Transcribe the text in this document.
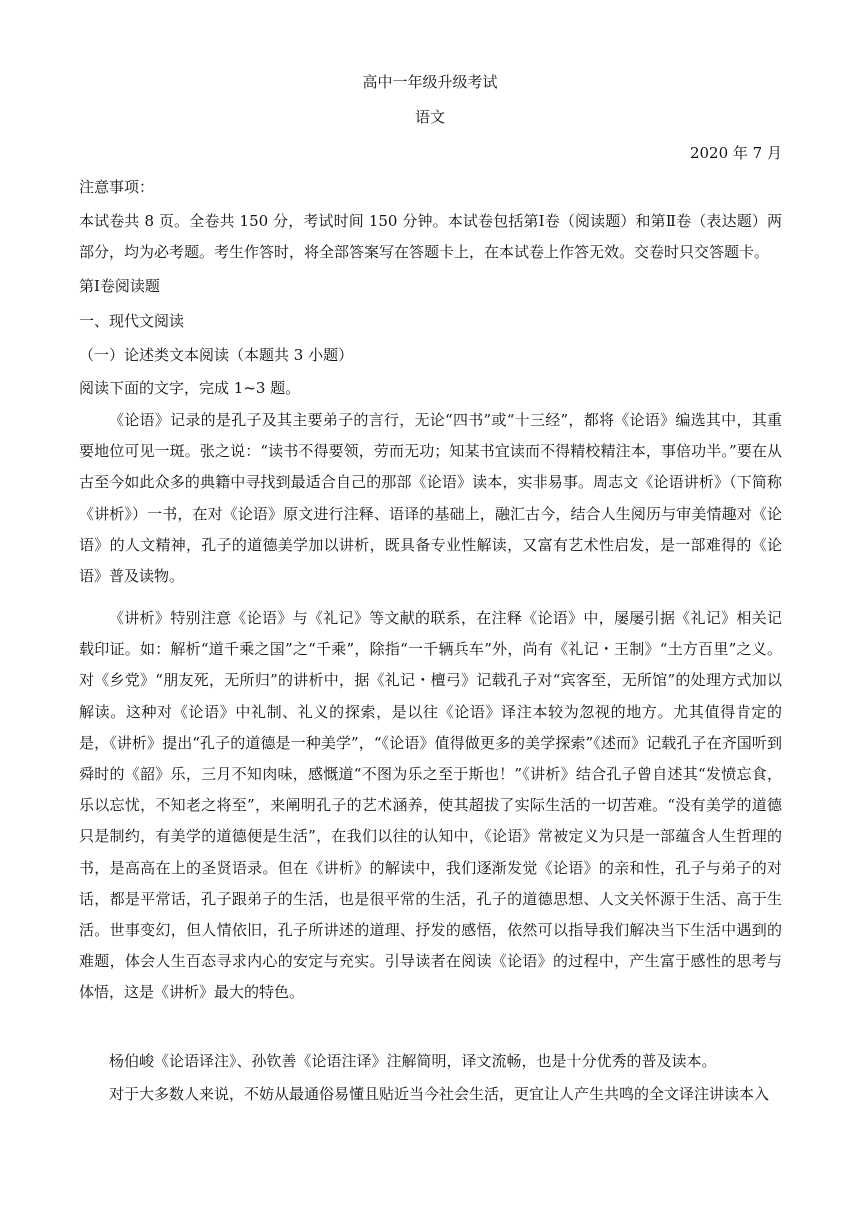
高中一年级升级考试
语文
2020 年 7 月
注意事项：
本试卷共 8 页。全卷共 150 分，考试时间 150 分钟。本试卷包括第Ⅰ卷（阅读题）和第Ⅱ卷（表达题）两部分，均为必考题。考生作答时，将全部答案写在答题卡上，在本试卷上作答无效。交卷时只交答题卡。
第Ⅰ卷阅读题
一、现代文阅读
（一）论述类文本阅读（本题共 3 小题）
阅读下面的文字，完成 1~3 题。
《论语》记录的是孔子及其主要弟子的言行，无论“四书”或“十三经”，都将《论语》编选其中，其重要地位可见一斑。张之说：“读书不得要领，劳而无功；知某书宜读而不得精校精注本，事倍功半。”要在从古至今如此众多的典籍中寻找到最适合自己的那部《论语》读本，实非易事。周志文《论语讲析》（下简称《讲析》）一书，在对《论语》原文进行注释、语译的基础上，融汇古今，结合人生阅历与审美情趣对《论语》的人文精神，孔子的道德美学加以讲析，既具备专业性解读，又富有艺术性启发，是一部难得的《论语》普及读物。
《讲析》特别注意《论语》与《礼记》等文献的联系，在注释《论语》中，屡屡引据《礼记》相关记载印证。如：解析“道千乘之国”之“千乘”，除指“一千辆兵车”外，尚有《礼记・王制》“土方百里”之义。对《乡党》“朋友死，无所归”的讲析中，据《礼记・檀弓》记载孔子对“宾客至，无所馆”的处理方式加以解读。这种对《论语》中礼制、礼义的探索，是以往《论语》译注本较为忽视的地方。尤其值得肯定的是，《讲析》提出“孔子的道德是一种美学”，“《论语》值得做更多的美学探索”《述而》记载孔子在齐国听到舜时的《韶》乐，三月不知肉味，感慨道“不图为乐之至于斯也！”《讲析》结合孔子曾自述其“发愤忘食，乐以忘忧，不知老之将至”，来阐明孔子的艺术涵养，使其超拔了实际生活的一切苦难。“没有美学的道德只是制约，有美学的道德便是生活”，在我们以往的认知中，《论语》常被定义为只是一部蕴含人生哲理的书，是高高在上的圣贤语录。但在《讲析》的解读中，我们逐渐发觉《论语》的亲和性，孔子与弟子的对话，都是平常话，孔子跟弟子的生活，也是很平常的生活，孔子的道德思想、人文关怀源于生活、高于生活。世事变幻，但人情依旧，孔子所讲述的道理、抒发的感悟，依然可以指导我们解决当下生活中遇到的难题，体会人生百态寻求内心的安定与充实。引导读者在阅读《论语》的过程中，产生富于感性的思考与体悟，这是《讲析》最大的特色。
杨伯峻《论语译注》、孙钦善《论语注译》注解简明，译文流畅，也是十分优秀的普及读本。
对于大多数人来说，不妨从最通俗易懂且贴近当今社会生活，更宜让人产生共鸣的全文译注讲读本入
